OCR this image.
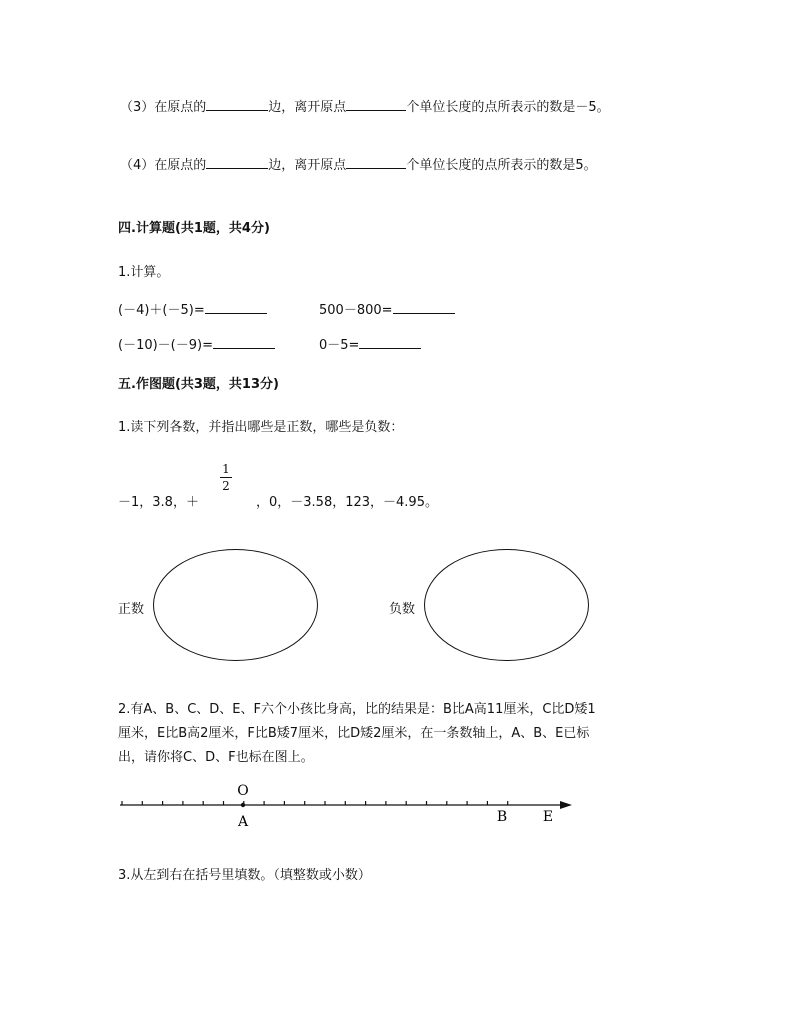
（3）在原点的	边，离开原点	个单位长度的点所表示的数是－5。
（4）在原点的	边，离开原点	个单位长度的点所表示的数是5。
四.计算题(共1题，共4分)
1.计算。
(－4)＋(－5)=	500－800=
(－10)－(－9)=	0－5=
五.作图题(共3题，共13分)
1.读下列各数，并指出哪些是正数，哪些是负数：
－1，3.8，＋
1
2
，0，－3.58，123，－4.95。
正数	负数
2.有A、B、C、D、E、F六个小孩比身高，比的结果是：B比A高11厘米，C比D矮1
厘米，E比B高2厘米，F比B矮7厘米，比D矮2厘米，在一条数轴上，A、B、E已标
出，请你将C、D、F也标在图上。
O
A	B	E
3.从左到右在括号里填数。（填整数或小数）
